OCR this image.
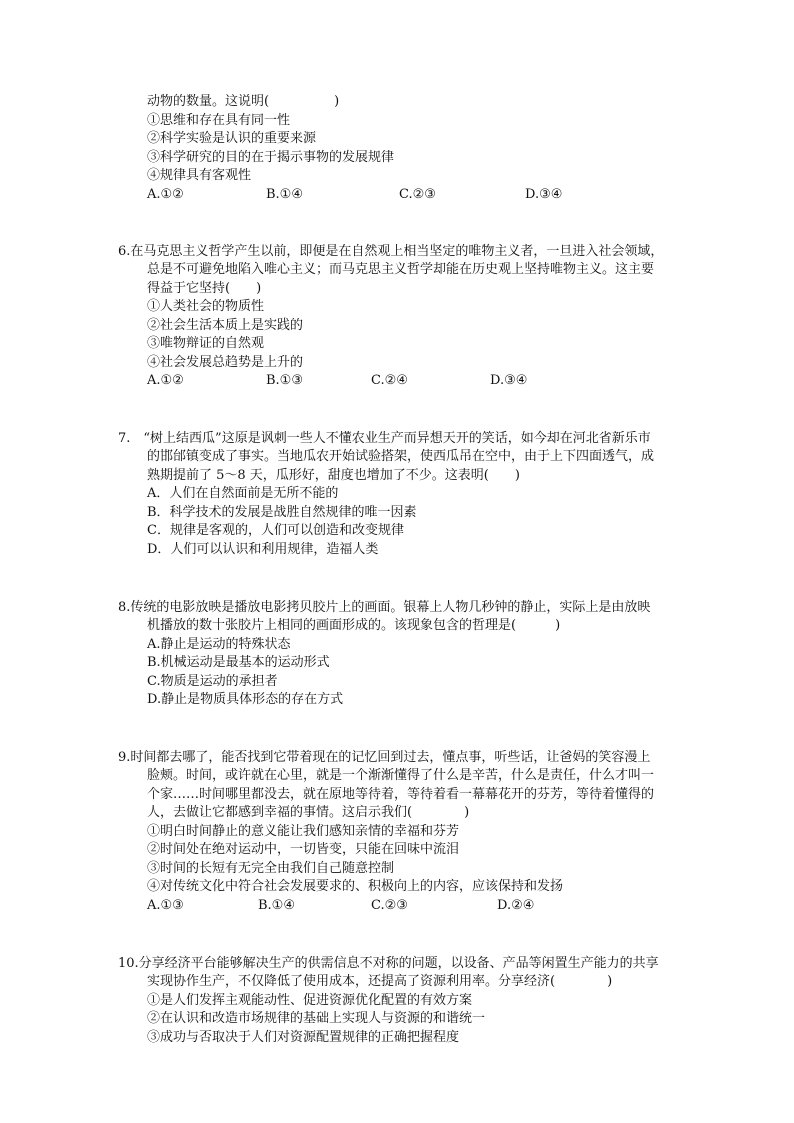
动物的数量。这说明(　　　　　)
①思维和存在具有同一性
②科学实验是认识的重要来源
③科学研究的目的在于揭示事物的发展规律
④规律具有客观性
A.①②	B.①④	C.②③	D.③④
6.在马克思主义哲学产生以前，即便是在自然观上相当坚定的唯物主义者，一旦进入社会领域，
总是不可避免地陷入唯心主义；而马克思主义哲学却能在历史观上坚持唯物主义。这主要
得益于它坚持(　　)
①人类社会的物质性
②社会生活本质上是实践的
③唯物辩证的自然观
④社会发展总趋势是上升的
A.①②	B.①③	C.②④	D.③④
7.　“树上结西瓜”这原是讽刺一些人不懂农业生产而异想天开的笑话，如今却在河北省新乐市
的邯邰镇变成了事实。当地瓜农开始试验搭架，使西瓜吊在空中，由于上下四面透气，成
熟期提前了 5～8 天，瓜形好，甜度也增加了不少。这表明(　　)
A．人们在自然面前是无所不能的
B．科学技术的发展是战胜自然规律的唯一因素
C．规律是客观的，人们可以创造和改变规律
D．人们可以认识和利用规律，造福人类
8.传统的电影放映是播放电影拷贝胶片上的画面。银幕上人物几秒钟的静止，实际上是由放映
机播放的数十张胶片上相同的画面形成的。该现象包含的哲理是(　　　)
A.静止是运动的特殊状态
B.机械运动是最基本的运动形式
C.物质是运动的承担者
D.静止是物质具体形态的存在方式
9.时间都去哪了，能否找到它带着现在的记忆回到过去，懂点事，听些话，让爸妈的笑容漫上
脸颊。时间，或许就在心里，就是一个渐渐懂得了什么是辛苦，什么是责任，什么才叫一
个家……时间哪里都没去，就在原地等待着，等待着看一幕幕花开的芬芳，等待着懂得的
人，去做让它都感到幸福的事情。这启示我们(　　　　)
①明白时间静止的意义能让我们感知亲情的幸福和芬芳
②时间处在绝对运动中，一切皆变，只能在回味中流泪
③时间的长短有无完全由我们自己随意控制
④对传统文化中符合社会发展要求的、积极向上的内容，应该保持和发扬
A.①③	B.①④	C.②③	D.②④
10.分享经济平台能够解决生产的供需信息不对称的问题，以设备、产品等闲置生产能力的共享
实现协作生产，不仅降低了使用成本，还提高了资源利用率。分享经济(　　　　)
①是人们发挥主观能动性、促进资源优化配置的有效方案
②在认识和改造市场规律的基础上实现人与资源的和谐统一
③成功与否取决于人们对资源配置规律的正确把握程度
